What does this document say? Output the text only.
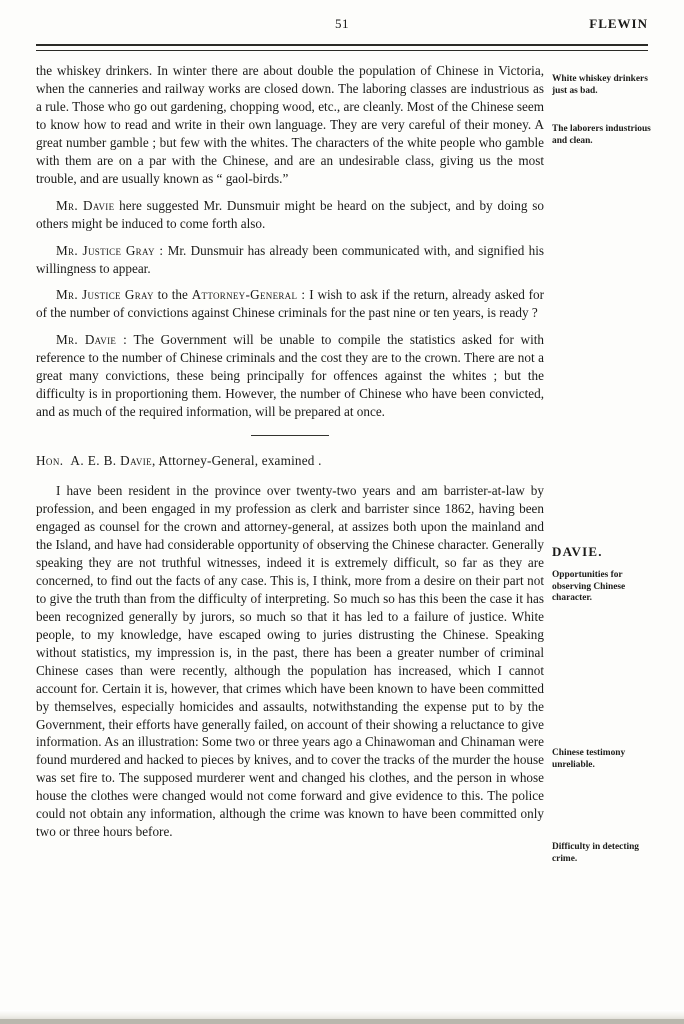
51	FLEWIN

the whiskey drinkers. In winter there are about double the population of Chinese in Victoria, when the canneries and railway works are closed down. The laboring classes are industrious as a rule. Those who go out gardening, chopping wood, etc., are cleanly. Most of the Chinese seem to know how to read and write in their own language. They are very careful of their money. A great number gamble ; but few with the whites. The characters of the white people who gamble with them are on a par with the Chinese, and are an undesirable class, giving us the most trouble, and are usually known as “ gaol-birds.”

Mr. Davie here suggested Mr. Dunsmuir might be heard on the subject, and by doing so others might be induced to come forth also.

Mr. Justice Gray : Mr. Dunsmuir has already been communicated with, and signified his willingness to appear.

Mr. Justice Gray to the Attorney-General : I wish to ask if the return, already asked for of the number of convictions against Chinese criminals for the past nine or ten years, is ready ?

Mr. Davie : The Government will be unable to compile the statistics asked for with reference to the number of Chinese criminals and the cost they are to the crown. There are not a great many convictions, these being principally for offences against the whites ; but the difficulty is in proportioning them. However, the number of Chinese who have been convicted, and as much of the required information, will be prepared at once.

Hon. A. E. B. Davie, Attorney-General, examined .

I have been resident in the province over twenty-two years and am barrister-at-law by profession, and been engaged in my profession as clerk and barrister since 1862, having been engaged as counsel for the crown and attorney-general, at assizes both upon the mainland and the Island, and have had considerable opportunity of observing the Chinese character. Generally speaking they are not truthful witnesses, indeed it is extremely difficult, so far as they are concerned, to find out the facts of any case. This is, I think, more from a desire on their part not to give the truth than from the difficulty of interpreting. So much so has this been the case it has been recognized generally by jurors, so much so that it has led to a failure of justice. White people, to my knowledge, have escaped owing to juries distrusting the Chinese. Speaking without statistics, my impression is, in the past, there has been a greater number of criminal Chinese cases than were recently, although the population has increased, which I cannot account for. Certain it is, however, that crimes which have been known to have been committed by themselves, especially homicides and assaults, notwithstanding the expense put to by the Government, their efforts have generally failed, on account of their showing a reluctance to give information. As an illustration: Some two or three years ago a Chinawoman and Chinaman were found murdered and hacked to pieces by knives, and to cover the tracks of the murder the house was set fire to. The supposed murderer went and changed his clothes, and the person in whose house the clothes were changed would not come forward and give evidence to this. The police could not obtain any information, although the crime was known to have been committed only two or three hours before.

White whiskey drinkers just as bad.
The laborers industrious and clean.
DAVIE.
Opportunities for observing Chinese character.
Chinese testimony unreliable.
Difficulty in detecting crime.
